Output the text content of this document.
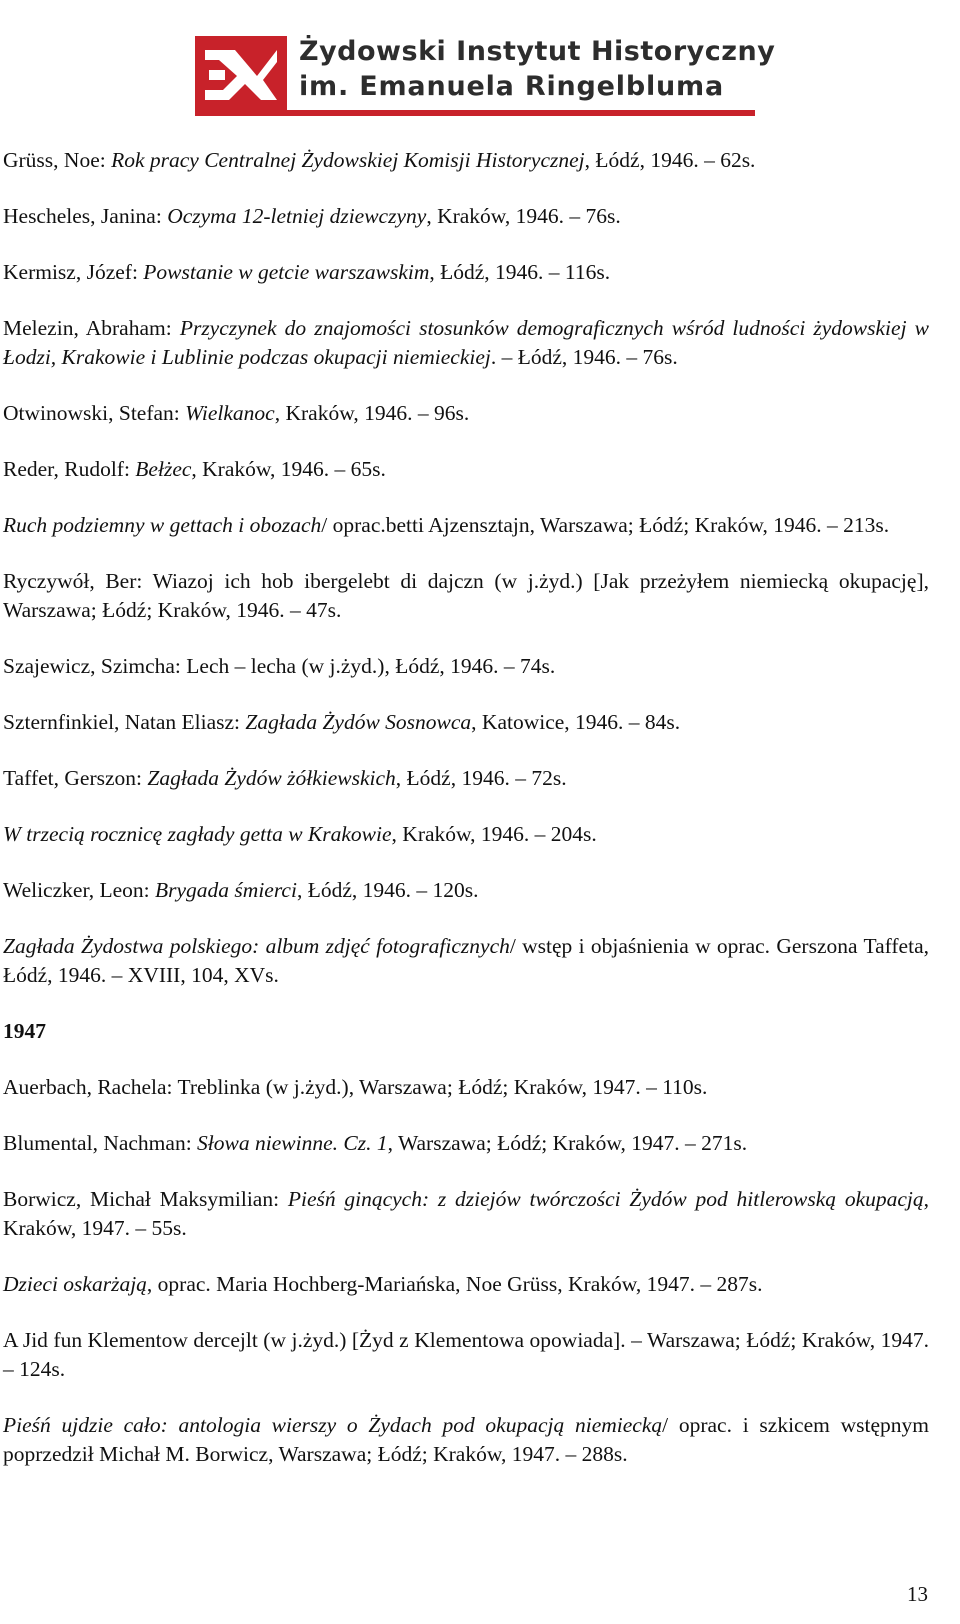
Żydowski Instytut Historyczny
im. Emanuela Ringelbluma
Grüss, Noe: Rok pracy Centralnej Żydowskiej Komisji Historycznej, Łódź, 1946. – 62s.
Hescheles, Janina: Oczyma 12-letniej dziewczyny, Kraków, 1946. – 76s.
Kermisz, Józef: Powstanie w getcie warszawskim, Łódź, 1946. – 116s.
Melezin, Abraham: Przyczynek do znajomości stosunków demograficznych wśród ludności żydowskiej w Łodzi, Krakowie i Lublinie podczas okupacji niemieckiej. – Łódź, 1946. – 76s.
Otwinowski, Stefan: Wielkanoc, Kraków, 1946. – 96s.
Reder, Rudolf: Bełżec, Kraków, 1946. – 65s.
Ruch podziemny w gettach i obozach/ oprac.betti Ajzensztajn, Warszawa; Łódź; Kraków, 1946. – 213s.
Ryczywół, Ber: Wiazoj ich hob ibergelebt di dajczn (w j.żyd.) [Jak przeżyłem niemiecką okupację], Warszawa; Łódź; Kraków, 1946. – 47s.
Szajewicz, Szimcha: Lech – lecha (w j.żyd.), Łódź, 1946. – 74s.
Szternfinkiel, Natan Eliasz: Zagłada Żydów Sosnowca, Katowice, 1946. – 84s.
Taffet, Gerszon: Zagłada Żydów żółkiewskich, Łódź, 1946. – 72s.
W trzecią rocznicę zagłady getta w Krakowie, Kraków, 1946. – 204s.
Weliczker, Leon: Brygada śmierci, Łódź, 1946. – 120s.
Zagłada Żydostwa polskiego: album zdjęć fotograficznych/ wstęp i objaśnienia w oprac. Gerszona Taffeta, Łódź, 1946. – XVIII, 104, XVs.
1947
Auerbach, Rachela: Treblinka (w j.żyd.), Warszawa; Łódź; Kraków, 1947. – 110s.
Blumental, Nachman: Słowa niewinne. Cz. 1, Warszawa; Łódź; Kraków, 1947. – 271s.
Borwicz, Michał Maksymilian: Pieśń ginących: z dziejów twórczości Żydów pod hitlerowską okupacją, Kraków, 1947. – 55s.
Dzieci oskarżają, oprac. Maria Hochberg-Mariańska, Noe Grüss, Kraków, 1947. – 287s.
A Jid fun Klementow dercejlt (w j.żyd.) [Żyd z Klementowa opowiada]. – Warszawa; Łódź; Kraków, 1947. – 124s.
Pieśń ujdzie cało: antologia wierszy o Żydach pod okupacją niemiecką/ oprac. i szkicem wstępnym poprzedził Michał M. Borwicz, Warszawa; Łódź; Kraków, 1947. – 288s.
13
